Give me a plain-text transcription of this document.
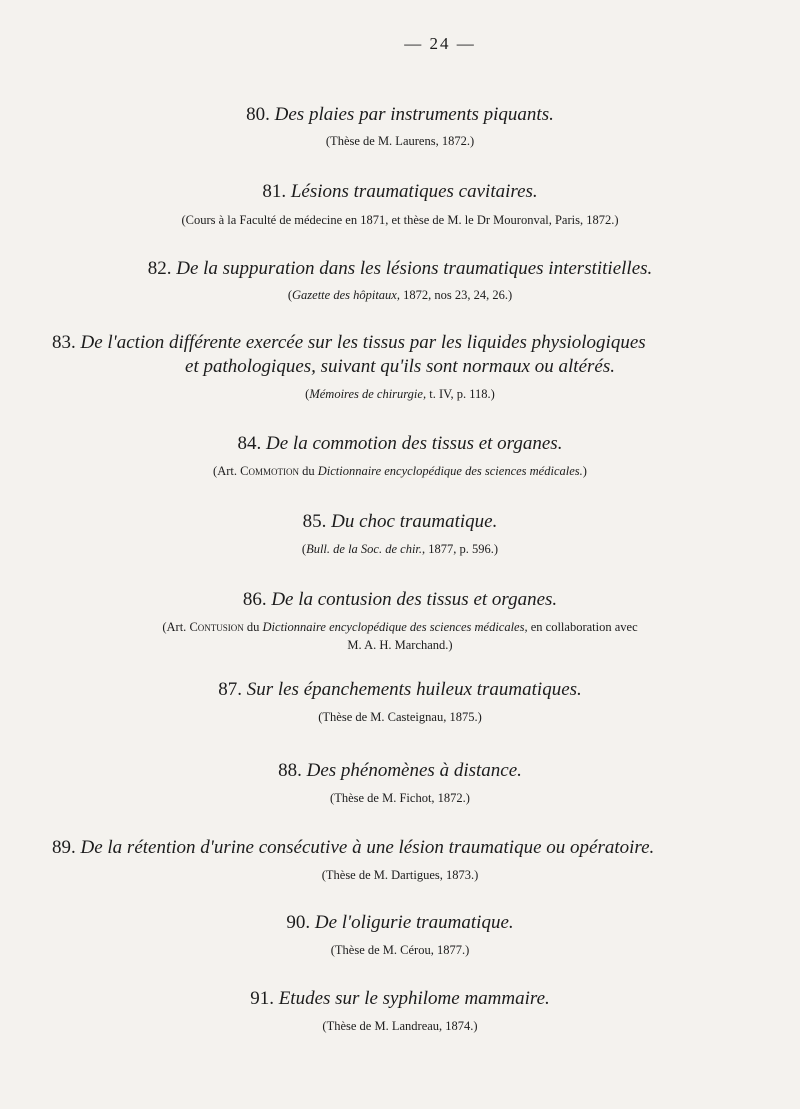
— 24 —
80. Des plaies par instruments piquants.
(Thèse de M. Laurens, 1872.)
81. Lésions traumatiques cavitaires.
(Cours à la Faculté de médecine en 1871, et thèse de M. le Dr Mouronval, Paris, 1872.)
82. De la suppuration dans les lésions traumatiques interstitielles.
(Gazette des hôpitaux, 1872, nos 23, 24, 26.)
83. De l'action différente exercée sur les tissus par les liquides physiologiques
et pathologiques, suivant qu'ils sont normaux ou altérés.
(Mémoires de chirurgie, t. IV, p. 118.)
84. De la commotion des tissus et organes.
(Art. Commotion du Dictionnaire encyclopédique des sciences médicales.)
85. Du choc traumatique.
(Bull. de la Soc. de chir., 1877, p. 596.)
86. De la contusion des tissus et organes.
(Art. Contusion du Dictionnaire encyclopédique des sciences médicales, en collaboration avec
M. A. H. Marchand.)
87. Sur les épanchements huileux traumatiques.
(Thèse de M. Casteignau, 1875.)
88. Des phénomènes à distance.
(Thèse de M. Fichot, 1872.)
89. De la rétention d'urine consécutive à une lésion traumatique ou opératoire.
(Thèse de M. Dartigues, 1873.)
90. De l'oligurie traumatique.
(Thèse de M. Cérou, 1877.)
91. Etudes sur le syphilome mammaire.
(Thèse de M. Landreau, 1874.)
